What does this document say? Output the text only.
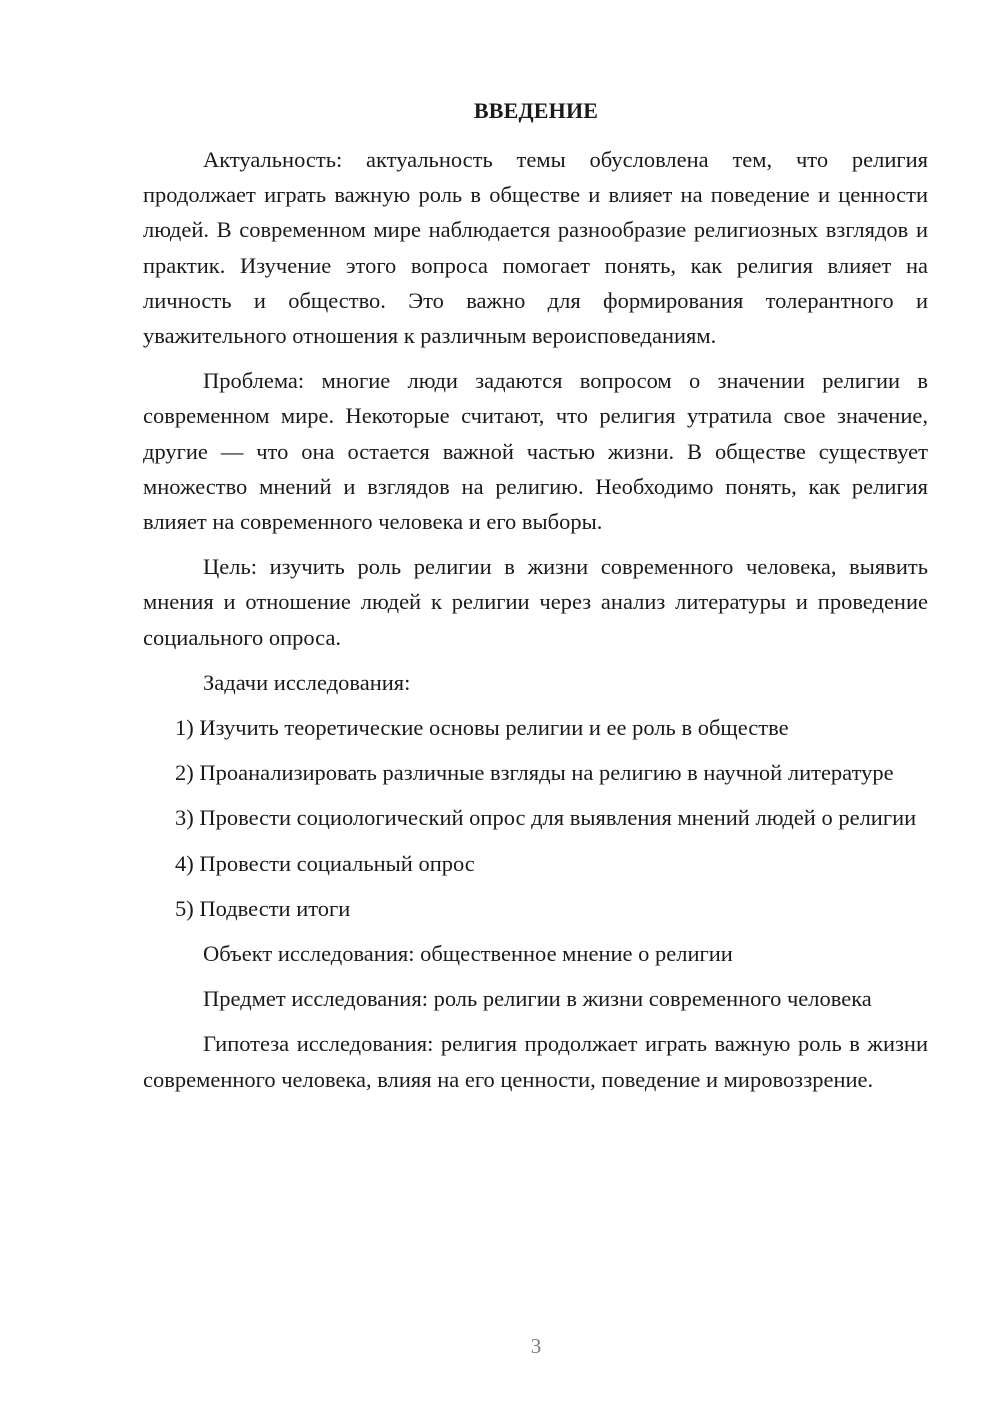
ВВЕДЕНИЕ

Актуальность: актуальность темы обусловлена тем, что религия продолжает играть важную роль в обществе и влияет на поведение и ценности людей. В современном мире наблюдается разнообразие религиозных взглядов и практик. Изучение этого вопроса помогает понять, как религия влияет на личность и общество. Это важно для формирования толерантного и уважительного отношения к различным вероисповеданиям.

Проблема: многие люди задаются вопросом о значении религии в современном мире. Некоторые считают, что религия утратила свое значение, другие — что она остается важной частью жизни. В обществе существует множество мнений и взглядов на религию. Необходимо понять, как религия влияет на современного человека и его выборы.

Цель: изучить роль религии в жизни современного человека, выявить мнения и отношение людей к религии через анализ литературы и проведение социального опроса.

Задачи исследования:

1) Изучить теоретические основы религии и ее роль в обществе

2) Проанализировать различные взгляды на религию в научной литературе

3) Провести социологический опрос для выявления мнений людей о религии

4) Провести социальный опрос

5) Подвести итоги

Объект исследования: общественное мнение о религии

Предмет исследования: роль религии в жизни современного человека

Гипотеза исследования: религия продолжает играть важную роль в жизни современного человека, влияя на его ценности, поведение и мировоззрение.

3
